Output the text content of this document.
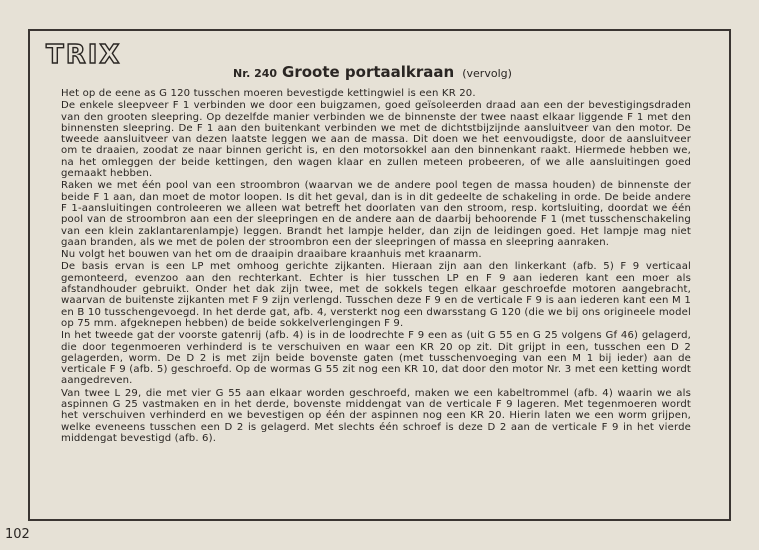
TRIX
Nr. 240 Groote portaalkraan (vervolg)

Het op de eene as G 120 tusschen moeren bevestigde kettingwiel is een KR 20.

De enkele sleepveer F 1 verbinden we door een buigzamen, goed geïsoleerden draad aan een der bevestigingsdraden van den grooten sleepring. Op dezelfde manier verbinden we de binnenste der twee naast elkaar liggende F 1 met den binnensten sleepring. De F 1 aan den buitenkant verbinden we met de dichtstbijzijnde aansluitveer van den motor. De tweede aansluitveer van dezen laatste leggen we aan de massa. Dit doen we het eenvoudigste, door de aansluitveer om te draaien, zoodat ze naar binnen gericht is, en den motorsokkel aan den binnenkant raakt. Hiermede hebben we, na het omleggen der beide kettingen, den wagen klaar en zullen meteen probeeren, of we alle aansluitingen goed gemaakt hebben.

Raken we met één pool van een stroombron (waarvan we de andere pool tegen de massa houden) de binnenste der beide F 1 aan, dan moet de motor loopen. Is dit het geval, dan is in dit gedeelte de schakeling in orde. De beide andere F 1-aansluitingen controleeren we alleen wat betreft het doorlaten van den stroom, resp. kortsluiting, doordat we één pool van de stroombron aan een der sleepringen en de andere aan de daarbij behoorende F 1 (met tusschenschakeling van een klein zaklantarenlampje) leggen. Brandt het lampje helder, dan zijn de leidingen goed. Het lampje mag niet gaan branden, als we met de polen der stroombron een der sleepringen of massa en sleepring aanraken.

Nu volgt het bouwen van het om de draaipin draaibare kraanhuis met kraanarm.

De basis ervan is een LP met omhoog gerichte zijkanten. Hieraan zijn aan den linkerkant (afb. 5) F 9 verticaal gemonteerd, evenzoo aan den rechterkant. Echter is hier tusschen LP en F 9 aan iederen kant een moer als afstandhouder gebruikt. Onder het dak zijn twee, met de sokkels tegen elkaar geschroefde motoren aangebracht, waarvan de buitenste zijkanten met F 9 zijn verlengd. Tusschen deze F 9 en de verticale F 9 is aan iederen kant een M 1 en B 10 tusschengevoegd. In het derde gat, afb. 4, versterkt nog een dwarsstang G 120 (die we bij ons origineele model op 75 mm. afgeknepen hebben) de beide sokkelverlengingen F 9.

In het tweede gat der voorste gatenrij (afb. 4) is in de loodrechte F 9 een as (uit G 55 en G 25 volgens Gf 46) gelagerd, die door tegenmoeren verhinderd is te verschuiven en waar een KR 20 op zit. Dit grijpt in een, tusschen een D 2 gelagerden, worm. De D 2 is met zijn beide bovenste gaten (met tusschenvoeging van een M 1 bij ieder) aan de verticale F 9 (afb. 5) geschroefd. Op de wormas G 55 zit nog een KR 10, dat door den motor Nr. 3 met een ketting wordt aangedreven.

Van twee L 29, die met vier G 55 aan elkaar worden geschroefd, maken we een kabeltrommel (afb. 4) waarin we als aspinnen G 25 vastmaken en in het derde, bovenste middengat van de verticale F 9 lageren. Met tegenmoeren wordt het verschuiven verhinderd en we bevestigen op één der aspinnen nog een KR 20. Hierin laten we een worm grijpen, welke eveneens tusschen een D 2 is gelagerd. Met slechts één schroef is deze D 2 aan de verticale F 9 in het vierde middengat bevestigd (afb. 6).

102
